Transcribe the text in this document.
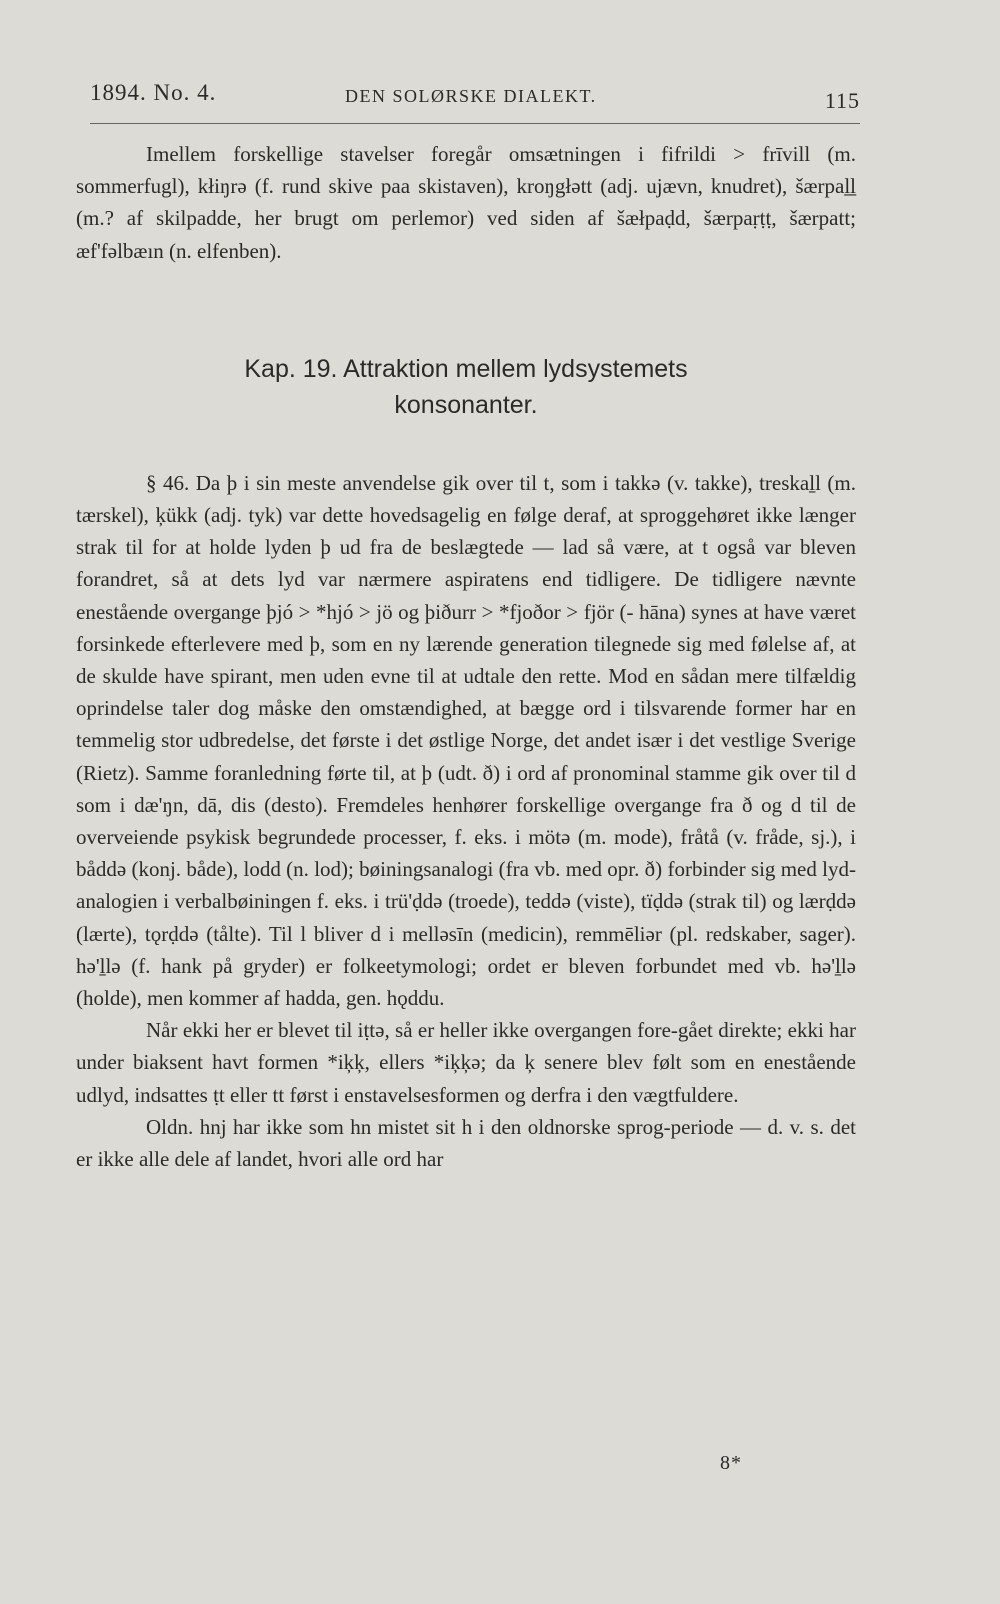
1894. No. 4.	DEN SOLØRSKE DIALEKT.	115

Imellem forskellige stavelser foregår omsætningen i fifrildi > frīvill (m. sommerfugl), kłiŋrə (f. rund skive paa skistaven), kroŋgłətt (adj. ujævn, knudret), šærpaḻḻ (m.? af skilpadde, her brugt om perlemor) ved siden af šæłpaḍd, šærpaṛṭṭ, šærpatt; æf'fəlbæın (n. elfenben).

Kap. 19. Attraktion mellem lydsystemets
konsonanter.

§ 46. Da þ i sin meste anvendelse gik over til t, som i takkə (v. takke), treskaḻl (m. tærskel), ķükk (adj. tyk) var dette hovedsagelig en følge deraf, at sproggehøret ikke længer strak til for at holde lyden þ ud fra de beslægtede — lad så være, at t også var bleven forandret, så at dets lyd var nærmere aspiratens end tidligere. De tidligere nævnte enestående overgange þjó > *hjó > jö og þiðurr > *fjoðor > fjör (- hāna) synes at have været forsinkede efterlevere med þ, som en ny lærende generation tilegnede sig med følelse af, at de skulde have spirant, men uden evne til at udtale den rette. Mod en sådan mere tilfældig oprindelse taler dog måske den omstændighed, at bægge ord i tilsvarende former har en temmelig stor udbredelse, det første i det østlige Norge, det andet især i det vestlige Sverige (Rietz). Samme foranledning førte til, at þ (udt. ð) i ord af pronominal stamme gik over til d som i dæ'ŋn, dā, dis (desto). Fremdeles henhører forskellige overgange fra ð og d til de overveiende psykisk begrundede processer, f. eks. i mötə (m. mode), fråtå (v. fråde, sj.), i båddə (konj. både), lodd (n. lod); bøiningsanalogi (fra vb. med opr. ð) forbinder sig med lyd-analogien i verbalbøiningen f. eks. i trü'ḍdə (troede), teddə (viste), tïḍdə (strak til) og lærḍdə (lærte), tǫrḍdə (tålte). Til l bliver d i melləsīn (medicin), remmēliər (pl. redskaber, sager). hə'ḻlə (f. hank på gryder) er folkeetymologi; ordet er bleven forbundet med vb. hə'ḻlə (holde), men kommer af hadda, gen. hǫddu.

Når ekki her er blevet til iṭtə, så er heller ikke overgangen fore-gået direkte; ekki har under biaksent havt formen *iķķ, ellers *iķķə; da ķ senere blev følt som en enestående udlyd, indsattes ṭt eller tt først i enstavelsesformen og derfra i den vægtfuldere.

Oldn. hnj har ikke som hn mistet sit h i den oldnorske sprog-periode — d. v. s. det er ikke alle dele af landet, hvori alle ord har

8*
